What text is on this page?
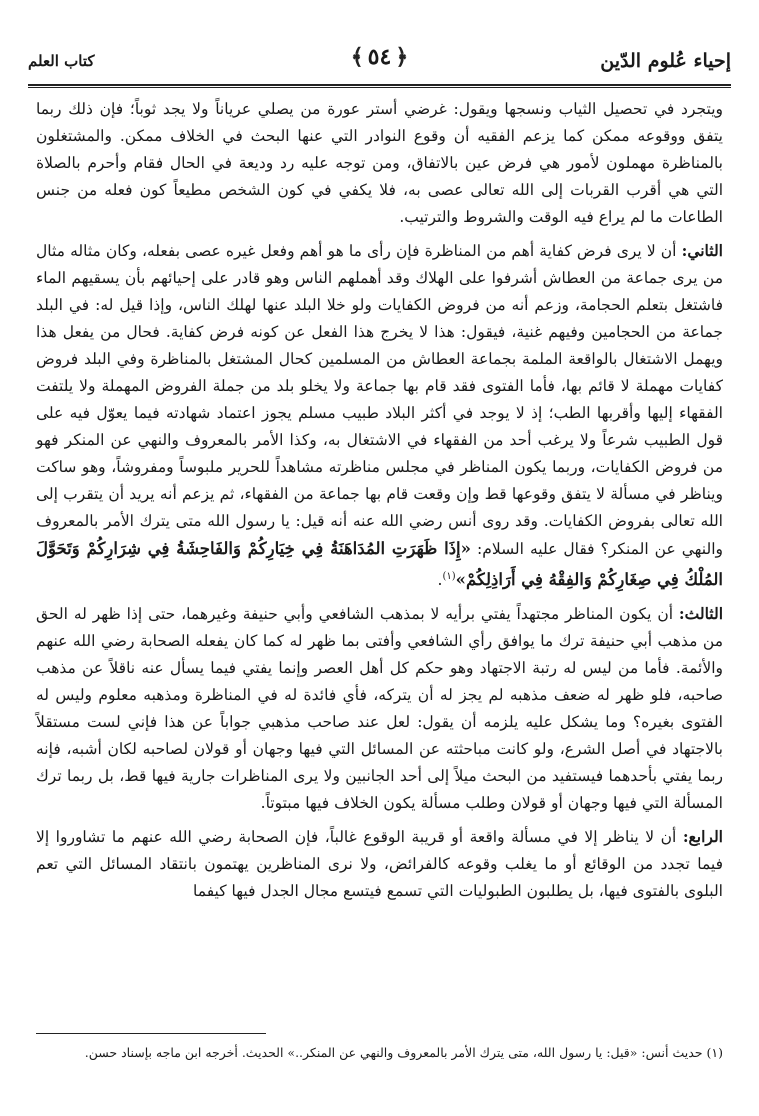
إحياء عُلوم الدّين
﴿٥٤﴾
كتاب العلم

ويتجرد في تحصيل الثياب ونسجها ويقول: غرضي أستر عورة من يصلي عرياناً ولا يجد ثوباً؛ فإن ذلك ربما يتفق ووقوعه ممكن كما يزعم الفقيه أن وقوع النوادر التي عنها البحث في الخلاف ممكن. والمشتغلون بالمناظرة مهملون لأمور هي فرض عين بالاتفاق، ومن توجه عليه رد وديعة في الحال فقام وأحرم بالصلاة التي هي أقرب القربات إلى الله تعالى عصى به، فلا يكفي في كون الشخص مطيعاً كون فعله من جنس الطاعات ما لم يراع فيه الوقت والشروط والترتيب.

الثاني: أن لا يرى فرض كفاية أهم من المناظرة فإن رأى ما هو أهم وفعل غيره عصى بفعله، وكان مثاله مثال من يرى جماعة من العطاش أشرفوا على الهلاك وقد أهملهم الناس وهو قادر على إحيائهم بأن يسقيهم الماء فاشتغل بتعلم الحجامة، وزعم أنه من فروض الكفايات ولو خلا البلد عنها لهلك الناس، وإذا قيل له: في البلد جماعة من الحجامين وفيهم غنية، فيقول: هذا لا يخرج هذا الفعل عن كونه فرض كفاية. فحال من يفعل هذا ويهمل الاشتغال بالواقعة الملمة بجماعة العطاش من المسلمين كحال المشتغل بالمناظرة وفي البلد فروض كفايات مهملة لا قائم بها، فأما الفتوى فقد قام بها جماعة ولا يخلو بلد من جملة الفروض المهملة ولا يلتفت الفقهاء إليها وأقربها الطب؛ إذ لا يوجد في أكثر البلاد طبيب مسلم يجوز اعتماد شهادته فيما يعوّل فيه على قول الطبيب شرعاً ولا يرغب أحد من الفقهاء في الاشتغال به، وكذا الأمر بالمعروف والنهي عن المنكر فهو من فروض الكفايات، وربما يكون المناظر في مجلس مناظرته مشاهداً للحرير ملبوساً ومفروشاً، وهو ساكت ويناظر في مسألة لا يتفق وقوعها قط وإن وقعت قام بها جماعة من الفقهاء، ثم يزعم أنه يريد أن يتقرب إلى الله تعالى بفروض الكفايات. وقد روى أنس رضي الله عنه أنه قيل: يا رسول الله متى يترك الأمر بالمعروف والنهي عن المنكر؟ فقال عليه السلام: «إِذَا ظَهَرَتِ المُدَاهَنَةُ فِي خِيَارِكُمْ وَالفَاحِشَةُ فِي شِرَارِكُمْ وَتَحَوَّلَ المُلْكُ فِي صِغَارِكُمْ وَالفِقْهُ فِي أَرَاذِلِكُمْ»$^{(١)}$.

الثالث: أن يكون المناظر مجتهداً يفتي برأيه لا بمذهب الشافعي وأبي حنيفة وغيرهما، حتى إذا ظهر له الحق من مذهب أبي حنيفة ترك ما يوافق رأي الشافعي وأفتى بما ظهر له كما كان يفعله الصحابة رضي الله عنهم والأئمة. فأما من ليس له رتبة الاجتهاد وهو حكم كل أهل العصر وإنما يفتي فيما يسأل عنه ناقلاً عن مذهب صاحبه، فلو ظهر له ضعف مذهبه لم يجز له أن يتركه، فأي فائدة له في المناظرة ومذهبه معلوم وليس له الفتوى بغيره؟ وما يشكل عليه يلزمه أن يقول: لعل عند صاحب مذهبي جواباً عن هذا فإني لست مستقلاً بالاجتهاد في أصل الشرع، ولو كانت مباحثته عن المسائل التي فيها وجهان أو قولان لصاحبه لكان أشبه، فإنه ربما يفتي بأحدهما فيستفيد من البحث ميلاً إلى أحد الجانبين ولا يرى المناظرات جارية فيها قط، بل ربما ترك المسألة التي فيها وجهان أو قولان وطلب مسألة يكون الخلاف فيها مبتوتاً.

الرابع: أن لا يناظر إلا في مسألة واقعة أو قريبة الوقوع غالباً، فإن الصحابة رضي الله عنهم ما تشاوروا إلا فيما تجدد من الوقائع أو ما يغلب وقوعه كالفرائض، ولا نرى المناظرين يهتمون بانتقاد المسائل التي تعم البلوى بالفتوى فيها، بل يطلبون الطبوليات التي تسمع فيتسع مجال الجدل فيها كيفما

(١) حديث أنس: «قيل: يا رسول الله، متى يترك الأمر بالمعروف والنهي عن المنكر..» الحديث. أخرجه ابن ماجه بإسناد حسن.
